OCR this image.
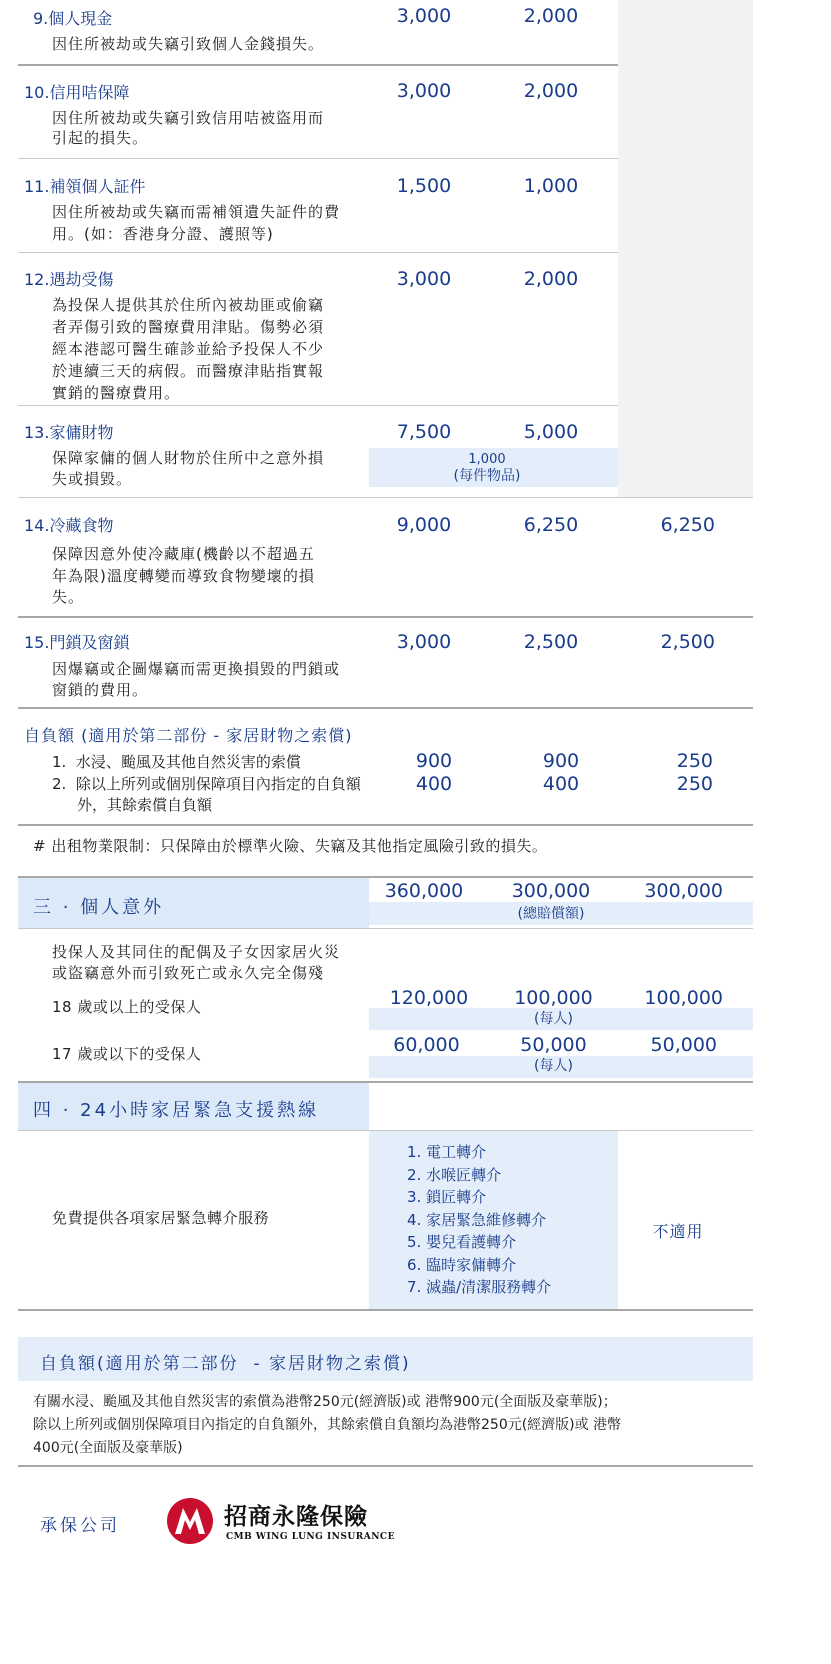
9.個人現金
因住所被劫或失竊引致個人金錢損失。
3,000	2,000
10.信用咭保障
因住所被劫或失竊引致信用咭被盜用而
引起的損失。
3,000	2,000
11.補領個人証件
因住所被劫或失竊而需補領遺失証件的費
用。(如：香港身分證、護照等)
1,500	1,000
12.遇劫受傷
為投保人提供其於住所內被劫匪或偷竊
者弄傷引致的醫療費用津貼。傷勢必須
經本港認可醫生確診並給予投保人不少
於連續三天的病假。而醫療津貼指實報
實銷的醫療費用。
3,000	2,000
13.家傭財物
保障家傭的個人財物於住所中之意外損
失或損毀。
7,500	5,000
1,000
(每件物品)
14.冷藏食物
保障因意外使冷藏庫(機齡以不超過五
年為限)溫度轉變而導致食物變壞的損
失。
9,000	6,250	6,250
15.門鎖及窗鎖
因爆竊或企圖爆竊而需更換損毀的門鎖或
窗鎖的費用。
3,000	2,500	2,500
自負額 (適用於第二部份 - 家居財物之索償)
1.  水浸、颱風及其他自然災害的索償	900	900	250
2.  除以上所列或個別保障項目內指定的自負額
外，其餘索償自負額
400	400	250
# 出租物業限制：只保障由於標準火險、失竊及其他指定風險引致的損失。
三 · 個人意外
360,000	300,000	300,000
(總賠償額)
投保人及其同住的配偶及子女因家居火災
或盜竊意外而引致死亡或永久完全傷殘
18 歲或以上的受保人	120,000	100,000	100,000
(每人)
17 歲或以下的受保人	60,000	50,000	50,000
(每人)
四 · 24小時家居緊急支援熱線
免費提供各項家居緊急轉介服務
1. 電工轉介
2. 水喉匠轉介
3. 鎖匠轉介
4. 家居緊急維修轉介
5. 嬰兒看護轉介
6. 臨時家傭轉介
7. 滅蟲/清潔服務轉介
不適用
自負額(適用於第二部份  - 家居財物之索償)
有關水浸、颱風及其他自然災害的索償為港幣250元(經濟版)或 港幣900元(全面版及豪華版)；
除以上所列或個別保障項目內指定的自負額外，其餘索償自負額均為港幣250元(經濟版)或 港幣
400元(全面版及豪華版)
承保公司	招商永隆保險
CMB WING LUNG INSURANCE
